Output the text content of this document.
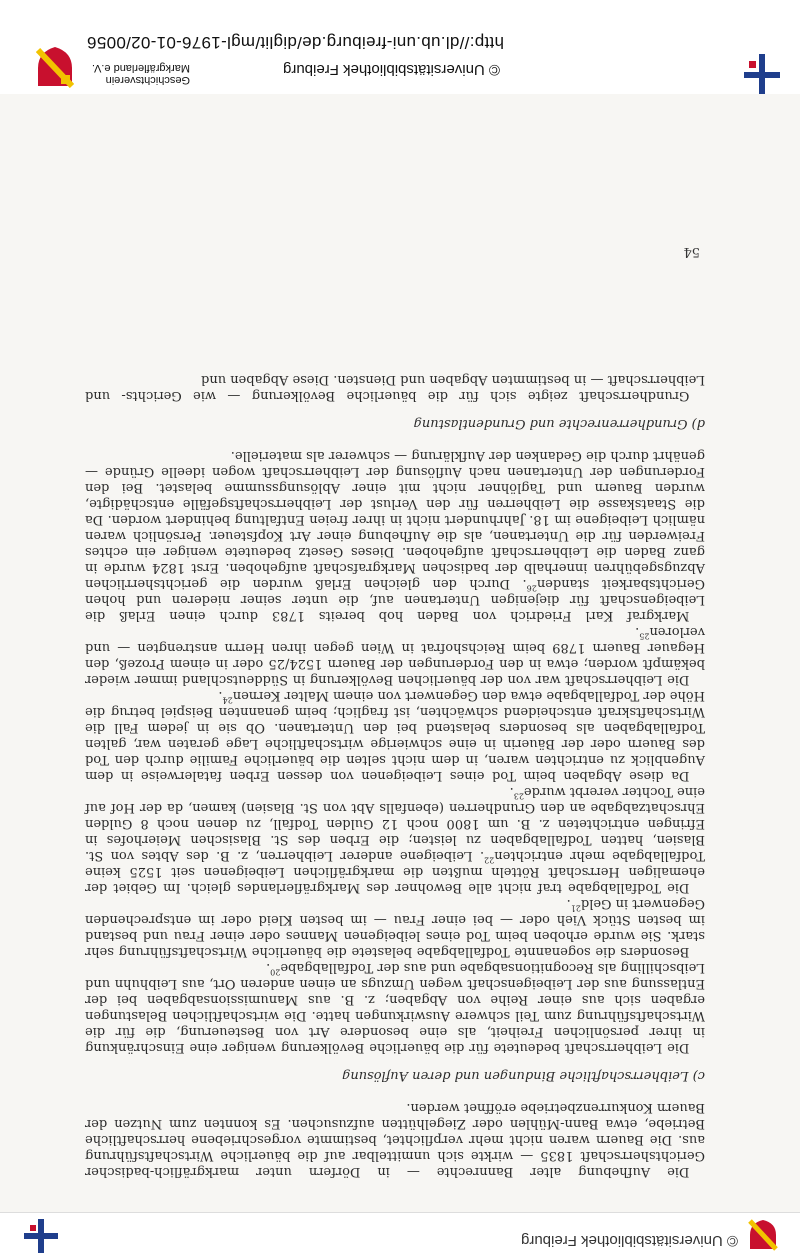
© Universitätsbibliothek Freiburg

Die Aufhebung alter Bannrechte — in Dörfern unter markgräflich-badischer Gerichtsherrschaft 1835 — wirkte sich unmittelbar auf die bäuerliche Wirtschaftsführung aus. Die Bauern waren nicht mehr verpflichtet, bestimmte vorgeschriebene herrschaftliche Betriebe, etwa Bann-Mühlen oder Ziegelhütten aufzusuchen. Es konnten zum Nutzen der Bauern Konkurrenzbetriebe eröffnet werden.

c) Leibherrschaftliche Bindungen und deren Auflösung

Die Leibherrschaft bedeutete für die bäuerliche Bevölkerung weniger eine Einschränkung in ihrer persönlichen Freiheit, als eine besondere Art von Besteuerung, die für die Wirtschaftsführung zum Teil schwere Auswirkungen hatte. Die wirtschaftlichen Belastungen ergaben sich aus einer Reihe von Abgaben; z. B. aus Manumissionsabgaben bei der Entlassung aus der Leibeigenschaft wegen Umzugs an einen anderen Ort, aus Leibhuhn und Leibschilling als Recognitionsabgabe und aus der Todfallabgabe$^{20}$.

Besonders die sogenannte Todfallabgabe belastete die bäuerliche Wirtschaftsführung sehr stark. Sie wurde erhoben beim Tod eines leibeigenen Mannes oder einer Frau und bestand im besten Stück Vieh oder — bei einer Frau — im besten Kleid oder im entsprechenden Gegenwert in Geld$^{21}$.

Die Todfallabgabe traf nicht alle Bewohner des Markgräflerlandes gleich. Im Gebiet der ehemaligen Herrschaft Rötteln mußten die markgräflichen Leibeigenen seit 1525 keine Todfallabgabe mehr entrichten$^{22}$. Leibeigene anderer Leibherren, z. B. des Abtes von St. Blasien, hatten Todfallabgaben zu leisten; die Erben des St. Blasischen Meierhofes in Efringen entrichteten z. B. um 1800 noch 12 Gulden Todfall, zu denen noch 8 Gulden Ehrschatzabgabe an den Grundherren (ebenfalls Abt von St. Blasien) kamen, da der Hof auf eine Tochter vererbt wurde$^{23}$.

Da diese Abgaben beim Tod eines Leibeigenen von dessen Erben fatalerweise in dem Augenblick zu entrichten waren, in dem nicht selten die bäuerliche Familie durch den Tod des Bauern oder der Bäuerin in eine schwierige wirtschaftliche Lage geraten war, galten Todfallabgaben als besonders belastend bei den Untertanen. Ob sie in jedem Fall die Wirtschaftskraft entscheidend schwächten, ist fraglich; beim genannten Beispiel betrug die Höhe der Todfallabgabe etwa den Gegenwert von einem Malter Kernen$^{24}$.

Die Leibherrschaft war von der bäuerlichen Bevölkerung in Süddeutschland immer wieder bekämpft worden; etwa in den Forderungen der Bauern 1524/25 oder in einem Prozeß, den Hegauer Bauern 1789 beim Reichshofrat in Wien gegen ihren Herrn anstrengten — und verloren$^{25}$.

Markgraf Karl Friedrich von Baden hob bereits 1783 durch einen Erlaß die Leibeigenschaft für diejenigen Untertanen auf, die unter seiner niederen und hohen Gerichtsbarkeit standen$^{26}$. Durch den gleichen Erlaß wurden die gerichtsherrlichen Abzugsgebühren innerhalb der badischen Markgrafschaft aufgehoben. Erst 1824 wurde in ganz Baden die Leibherrschaft aufgehoben. Dieses Gesetz bedeutete weniger ein echtes Freiwerden für die Untertanen, als die Aufhebung einer Art Kopfsteuer. Persönlich waren nämlich Leibeigene im 18. Jahrhundert nicht in ihrer freien Entfaltung behindert worden. Da die Staatskasse die Leibherren für den Verlust der Leibherrschaftsgefälle entschädigte, wurden Bauern und Taglöhner nicht mit einer Ablösungssumme belastet. Bei den Forderungen der Untertanen nach Auflösung der Leibherrschaft wogen ideelle Gründe — genährt durch die Gedanken der Aufklärung — schwerer als materielle.

d) Grundherrenrechte und Grundentlastung

Grundherrschaft zeigte sich für die bäuerliche Bevölkerung — wie Gerichts- und Leibherrschaft — in bestimmten Abgaben und Diensten. Diese Abgaben und

54
© Universitätsbibliothek Freiburg
http://dl.ub.uni-freiburg.de/diglit/mgl-1976-01-02/0056
Geschichtsverein Markgräflerland e.V.
